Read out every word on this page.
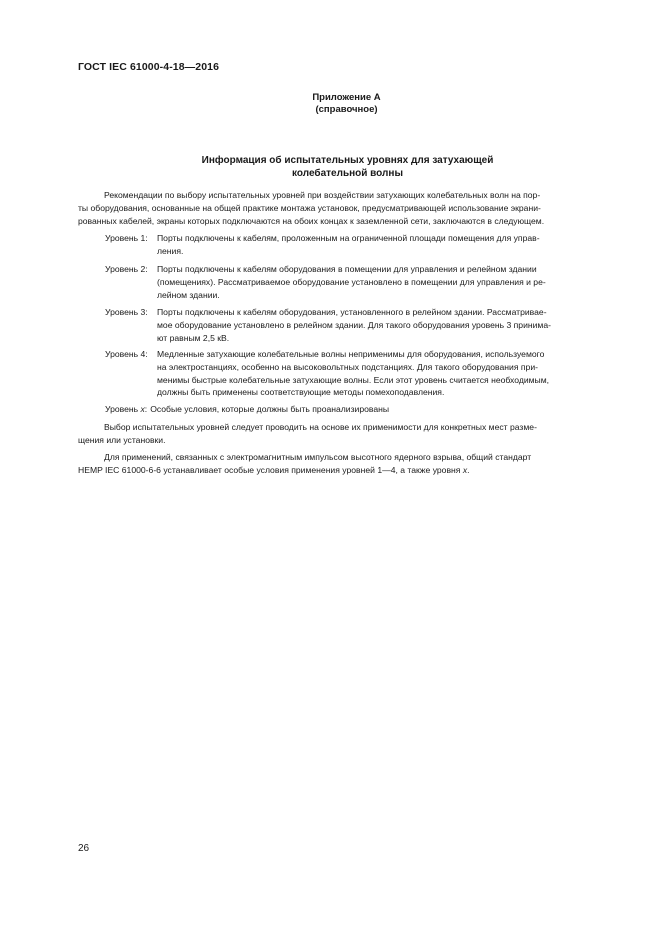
ГОСТ IEC 61000-4-18—2016
Приложение А
(справочное)
Информация об испытательных уровнях для затухающей
колебательной волны
Рекомендации по выбору испытательных уровней при воздействии затухающих колебательных волн на пор-
ты оборудования, основанные на общей практике монтажа установок, предусматривающей использование экрани-
рованных кабелей, экраны которых подключаются на обоих концах к заземленной сети, заключаются в следующем.
Уровень 1: Порты подключены к кабелям, проложенным на ограниченной площади помещения для управ-
ления.
Уровень 2: Порты подключены к кабелям оборудования в помещении для управления и релейном здании
(помещениях). Рассматриваемое оборудование установлено в помещении для управления и ре-
лейном здании.
Уровень 3: Порты подключены к кабелям оборудования, установленного в релейном здании. Рассматривае-
мое оборудование установлено в релейном здании. Для такого оборудования уровень 3 принима-
ют равным 2,5 кВ.
Уровень 4: Медленные затухающие колебательные волны неприменимы для оборудования, используемого
на электростанциях, особенно на высоковольтных подстанциях. Для такого оборудования при-
менимы быстрые колебательные затухающие волны. Если этот уровень считается необходимым,
должны быть применены соответствующие методы помехоподавления.
Уровень x: Особые условия, которые должны быть проанализированы
Выбор испытательных уровней следует проводить на основе их применимости для конкретных мест разме-
щения или установки.
Для применений, связанных с электромагнитным импульсом высотного ядерного взрыва, общий стандарт
HEMP IEC 61000-6-6 устанавливает особые условия применения уровней 1—4, а также уровня x.
26
